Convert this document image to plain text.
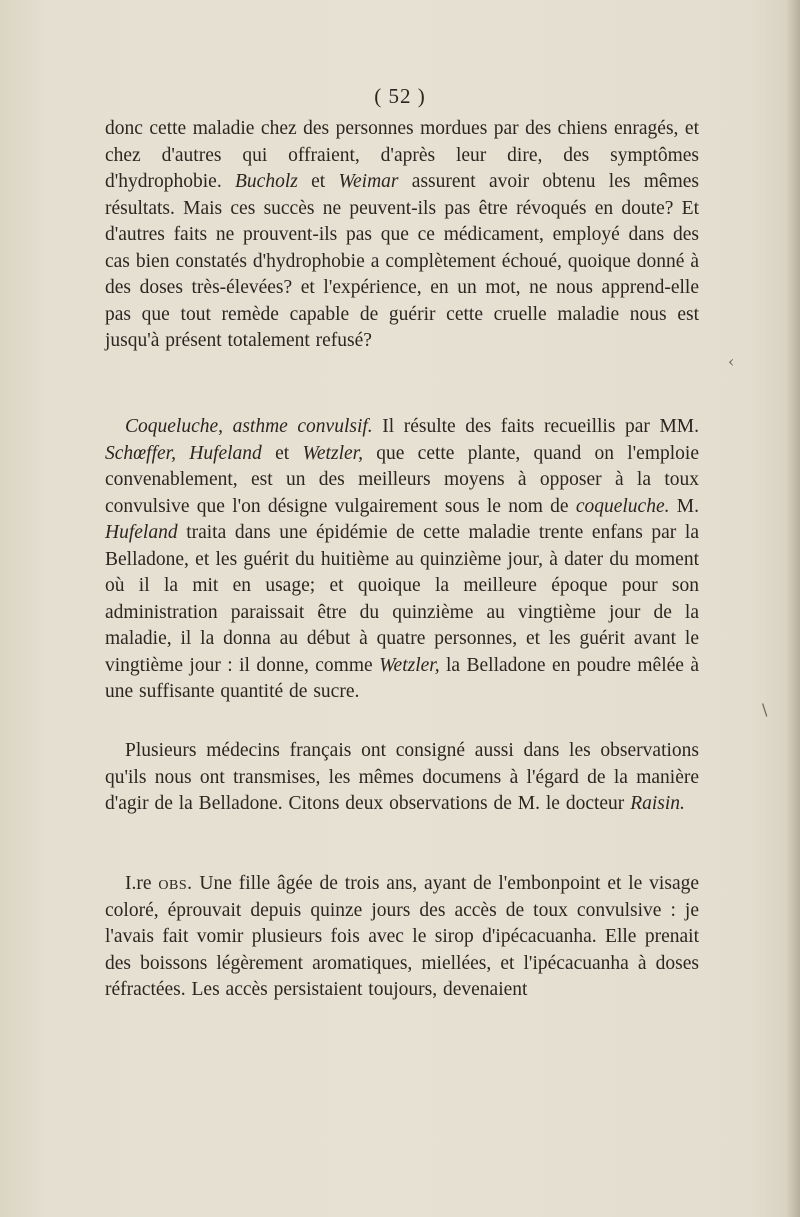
( 52 )

donc cette maladie chez des personnes mordues par des chiens enragés, et chez d'autres qui offraient, d'après leur dire, des symptômes d'hydrophobie. Bucholz et Weimar assurent avoir obtenu les mêmes résultats. Mais ces succès ne peuvent-ils pas être révoqués en doute? Et d'autres faits ne prouvent-ils pas que ce médicament, employé dans des cas bien constatés d'hydrophobie a complètement échoué, quoique donné à des doses très-élevées? et l'expérience, en un mot, ne nous apprend-elle pas que tout remède capable de guérir cette cruelle maladie nous est jusqu'à présent totalement refusé?

Coqueluche, asthme convulsif. Il résulte des faits recueillis par MM. Schœffer, Hufeland et Wetzler, que cette plante, quand on l'emploie convenablement, est un des meilleurs moyens à opposer à la toux convulsive que l'on désigne vulgairement sous le nom de coqueluche. M. Hufeland traita dans une épidémie de cette maladie trente enfans par la Belladone, et les guérit du huitième au quinzième jour, à dater du moment où il la mit en usage; et quoique la meilleure époque pour son administration paraissait être du quinzième au vingtième jour de la maladie, il la donna au début à quatre personnes, et les guérit avant le vingtième jour : il donne, comme Wetzler, la Belladone en poudre mêlée à une suffisante quantité de sucre.

Plusieurs médecins français ont consigné aussi dans les observations qu'ils nous ont transmises, les mêmes documens à l'égard de la manière d'agir de la Belladone. Citons deux observations de M. le docteur Raisin.

I.re obs. Une fille âgée de trois ans, ayant de l'embonpoint et le visage coloré, éprouvait depuis quinze jours des accès de toux convulsive : je l'avais fait vomir plusieurs fois avec le sirop d'ipécacuanha. Elle prenait des boissons légèrement aromatiques, miellées, et l'ipécacuanha à doses réfractées. Les accès persistaient toujours, devenaient

‹
\
